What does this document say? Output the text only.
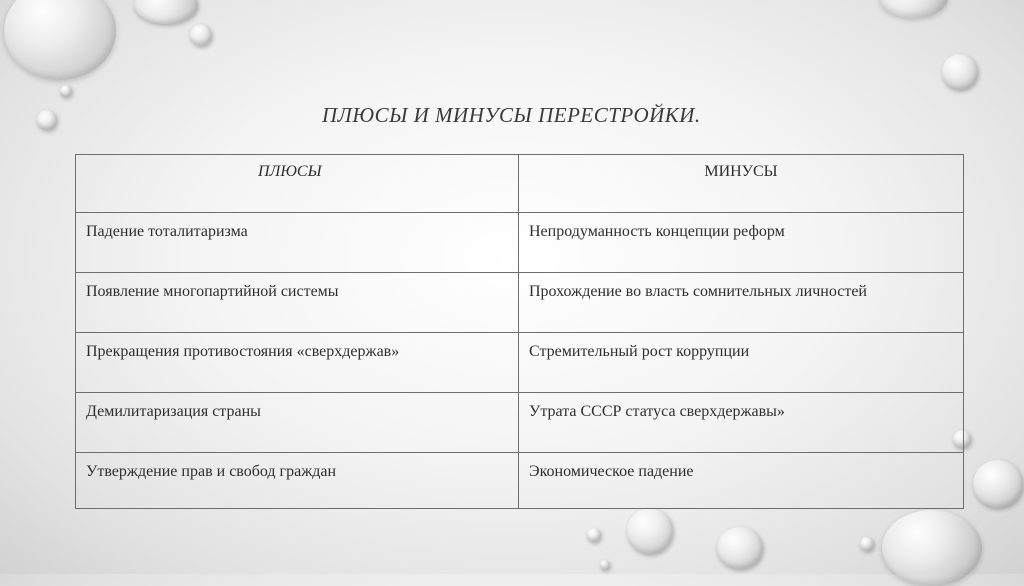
ПЛЮСЫ И МИНУСЫ ПЕРЕСТРОЙКИ.
ПЛЮСЫ	МИНУСЫ
Падение тоталитаризма	Непродуманность концепции реформ
Появление многопартийной системы	Прохождение во власть сомнительных личностей
Прекращения противостояния «сверхдержав»	Стремительный рост коррупции
Демилитаризация страны	Утрата СССР статуса сверхдержавы»
Утверждение прав и свобод граждан	Экономическое падение
